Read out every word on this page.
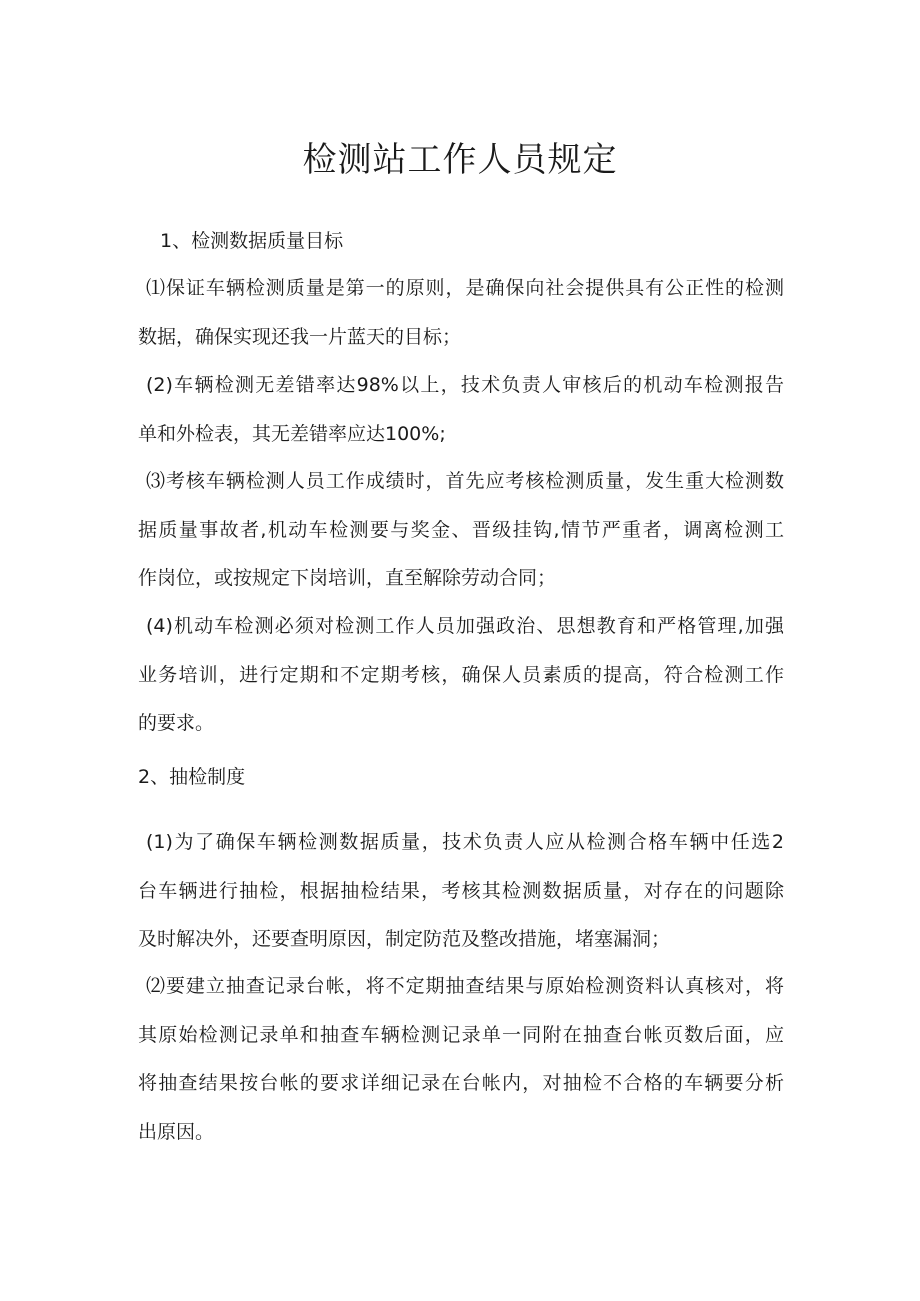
检测站工作人员规定
1、检测数据质量目标

⑴保证车辆检测质量是第一的原则，是确保向社会提供具有公正性的检测
数据，确保实现还我一片蓝天的目标；

(2)车辆检测无差错率达98%以上，技术负责人审核后的机动车检测报告
单和外检表，其无差错率应达100%;

⑶考核车辆检测人员工作成绩时，首先应考核检测质量，发生重大检测数
据质量事故者,机动车检测要与奖金、晋级挂钩,情节严重者，调离检测工
作岗位，或按规定下岗培训，直至解除劳动合同；

(4)机动车检测必须对检测工作人员加强政治、思想教育和严格管理,加强
业务培训，进行定期和不定期考核，确保人员素质的提高，符合检测工作
的要求。

2、抽检制度

(1)为了确保车辆检测数据质量，技术负责人应从检测合格车辆中任选2
台车辆进行抽检，根据抽检结果，考核其检测数据质量，对存在的问题除
及时解决外，还要查明原因，制定防范及整改措施，堵塞漏洞；

⑵要建立抽查记录台帐，将不定期抽查结果与原始检测资料认真核对，将
其原始检测记录单和抽查车辆检测记录单一同附在抽查台帐页数后面，应
将抽查结果按台帐的要求详细记录在台帐内，对抽检不合格的车辆要分析
出原因。
